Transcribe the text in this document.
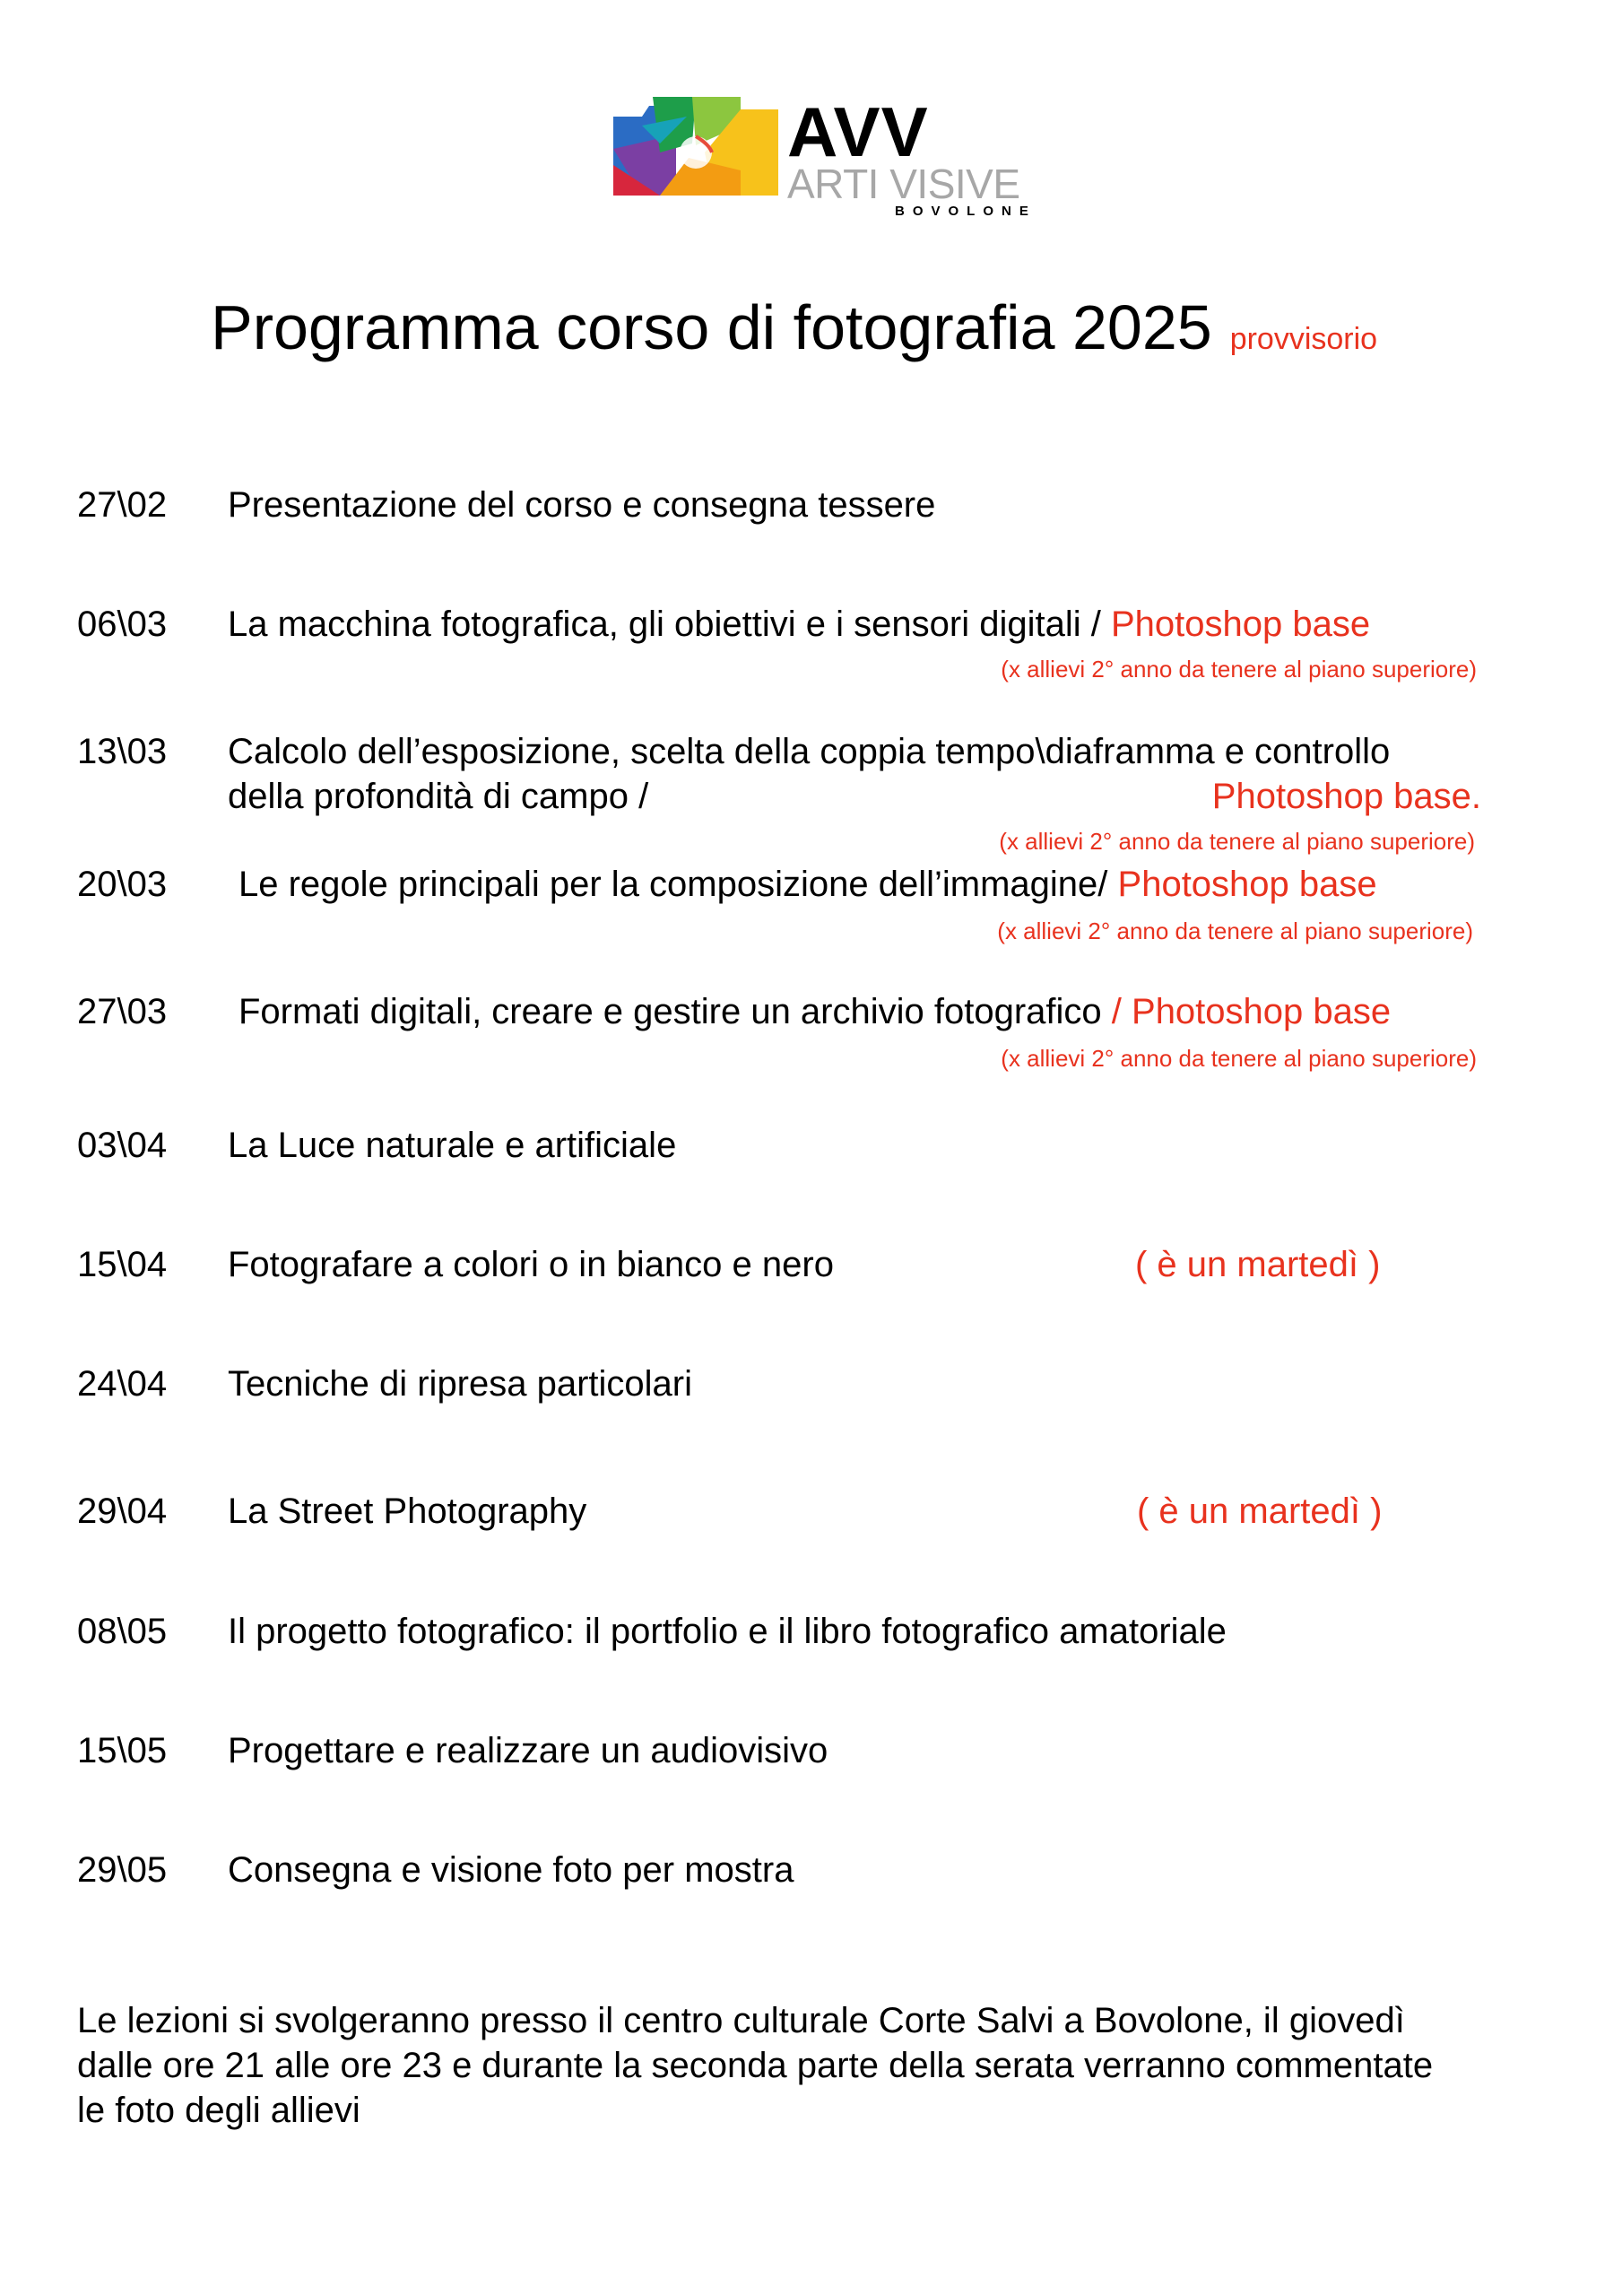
AVV
ARTI VISIVE
BOVOLONE
Programma corso di fotografia 2025 provvisorio
27\02 Presentazione del corso e consegna tessere
06\03 La macchina fotografica, gli obiettivi e i sensori digitali / Photoshop base
(x allievi 2° anno da tenere al piano superiore)
13\03 Calcolo dell’esposizione, scelta della coppia tempo\diaframma e controllo
della profondità di campo /	Photoshop base.
(x allievi 2° anno da tenere al piano superiore)
20\03 Le regole principali per la composizione dell’immagine/ Photoshop base
(x allievi 2° anno da tenere al piano superiore)
27\03 Formati digitali, creare e gestire un archivio fotografico / Photoshop base
(x allievi 2° anno da tenere al piano superiore)
03\04 La Luce naturale e artificiale
15\04 Fotografare a colori o in bianco e nero	( è un martedì )
24\04 Tecniche di ripresa particolari
29\04 La Street Photography	( è un martedì )
08\05 Il progetto fotografico: il portfolio e il libro fotografico amatoriale
15\05 Progettare e realizzare un audiovisivo
29\05 Consegna e visione foto per mostra
Le lezioni si svolgeranno presso il centro culturale Corte Salvi a Bovolone, il giovedì
dalle ore 21 alle ore 23 e durante la seconda parte della serata verranno commentate
le foto degli allievi
